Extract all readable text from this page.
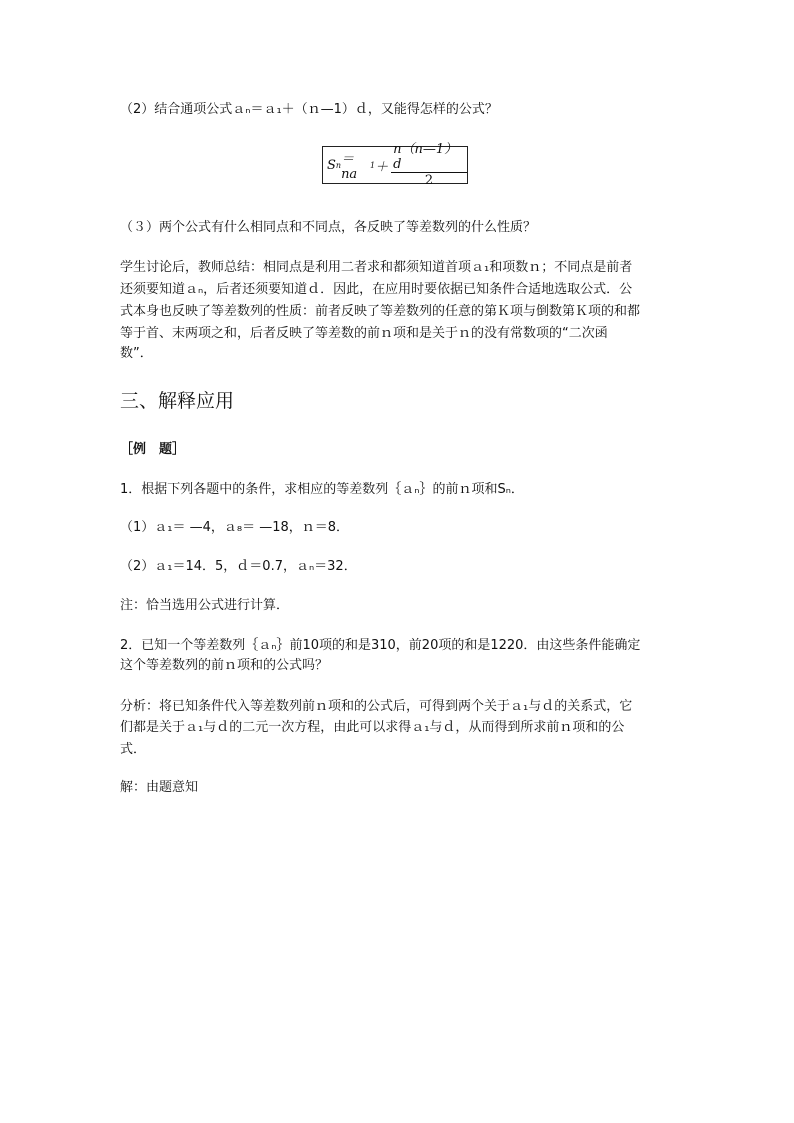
（2）结合通项公式ａₙ＝ａ₁＋（ｎ—1）ｄ，又能得怎样的公式？
S n ＝na
$1 + \frac{n(n—1)d}{2}$
（３）两个公式有什么相同点和不同点，各反映了等差数列的什么性质？
学生讨论后，教师总结：相同点是利用二者求和都须知道首项ａ₁和项数ｎ；不同点是前者
还须要知道ａₙ，后者还须要知道ｄ．因此，在应用时要依据已知条件合适地选取公式．公
式本身也反映了等差数列的性质：前者反映了等差数列的任意的第Ｋ项与倒数第Ｋ项的和都
等于首、末两项之和，后者反映了等差数的前ｎ项和是关于ｎ的没有常数项的“二次函
数”．
三、解释应用
［例　题］
1．根据下列各题中的条件，求相应的等差数列｛ａₙ｝的前ｎ项和Sₙ．
（1）ａ₁＝ —4，ａ₈＝ —18，ｎ＝8．
（2）ａ₁＝14．5，ｄ＝0.7，ａₙ＝32．
注：恰当选用公式进行计算．
2．已知一个等差数列｛ａₙ｝前10项的和是310，前20项的和是1220．由这些条件能确定
这个等差数列的前ｎ项和的公式吗？
分析：将已知条件代入等差数列前ｎ项和的公式后，可得到两个关于ａ₁与ｄ的关系式，它
们都是关于ａ₁与ｄ的二元一次方程，由此可以求得ａ₁与ｄ，从而得到所求前ｎ项和的公
式．
解：由题意知
